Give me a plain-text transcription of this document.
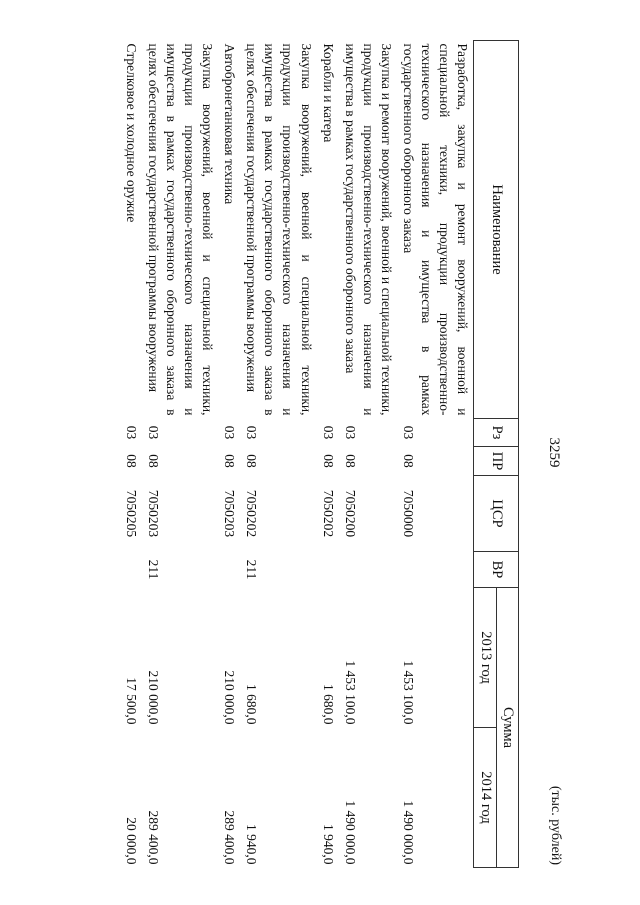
3259
(тыс. рублей)
Наименование	Рз	ПР	ЦСР	ВР	Сумма	
					2013 год	2014 год
Разработка, закупка и ремонт вооружений, военной и специальной техники, продукции производственно-технического назначения и имущества в рамках государственного оборонного заказа	03	08	7050000		1 453 100,0	1 490 000,0
Закупка и ремонт вооружений, военной и специальной техники, продукции производственно-технического назначения и имущества в рамках государственного оборонного заказа	03	08	7050200		1 453 100,0	1 490 000,0
Корабли и катера	03	08	7050202		1 680,0	1 940,0
Закупка вооружений, военной и специальной техники, продукции производственно-технического назначения и имущества в рамках государственного оборонного заказа в целях обеспечения государственной программы вооружения	03	08	7050202	211	1 680,0	1 940,0
Автобронетанковая техника	03	08	7050203		210 000,0	289 400,0
Закупка вооружений, военной и специальной техники, продукции производственно-технического назначения и имущества в рамках государственного оборонного заказа в целях обеспечения государственной программы вооружения	03	08	7050203	211	210 000,0	289 400,0
Стрелковое и холодное оружие	03	08	7050205		17 500,0	20 000,0
